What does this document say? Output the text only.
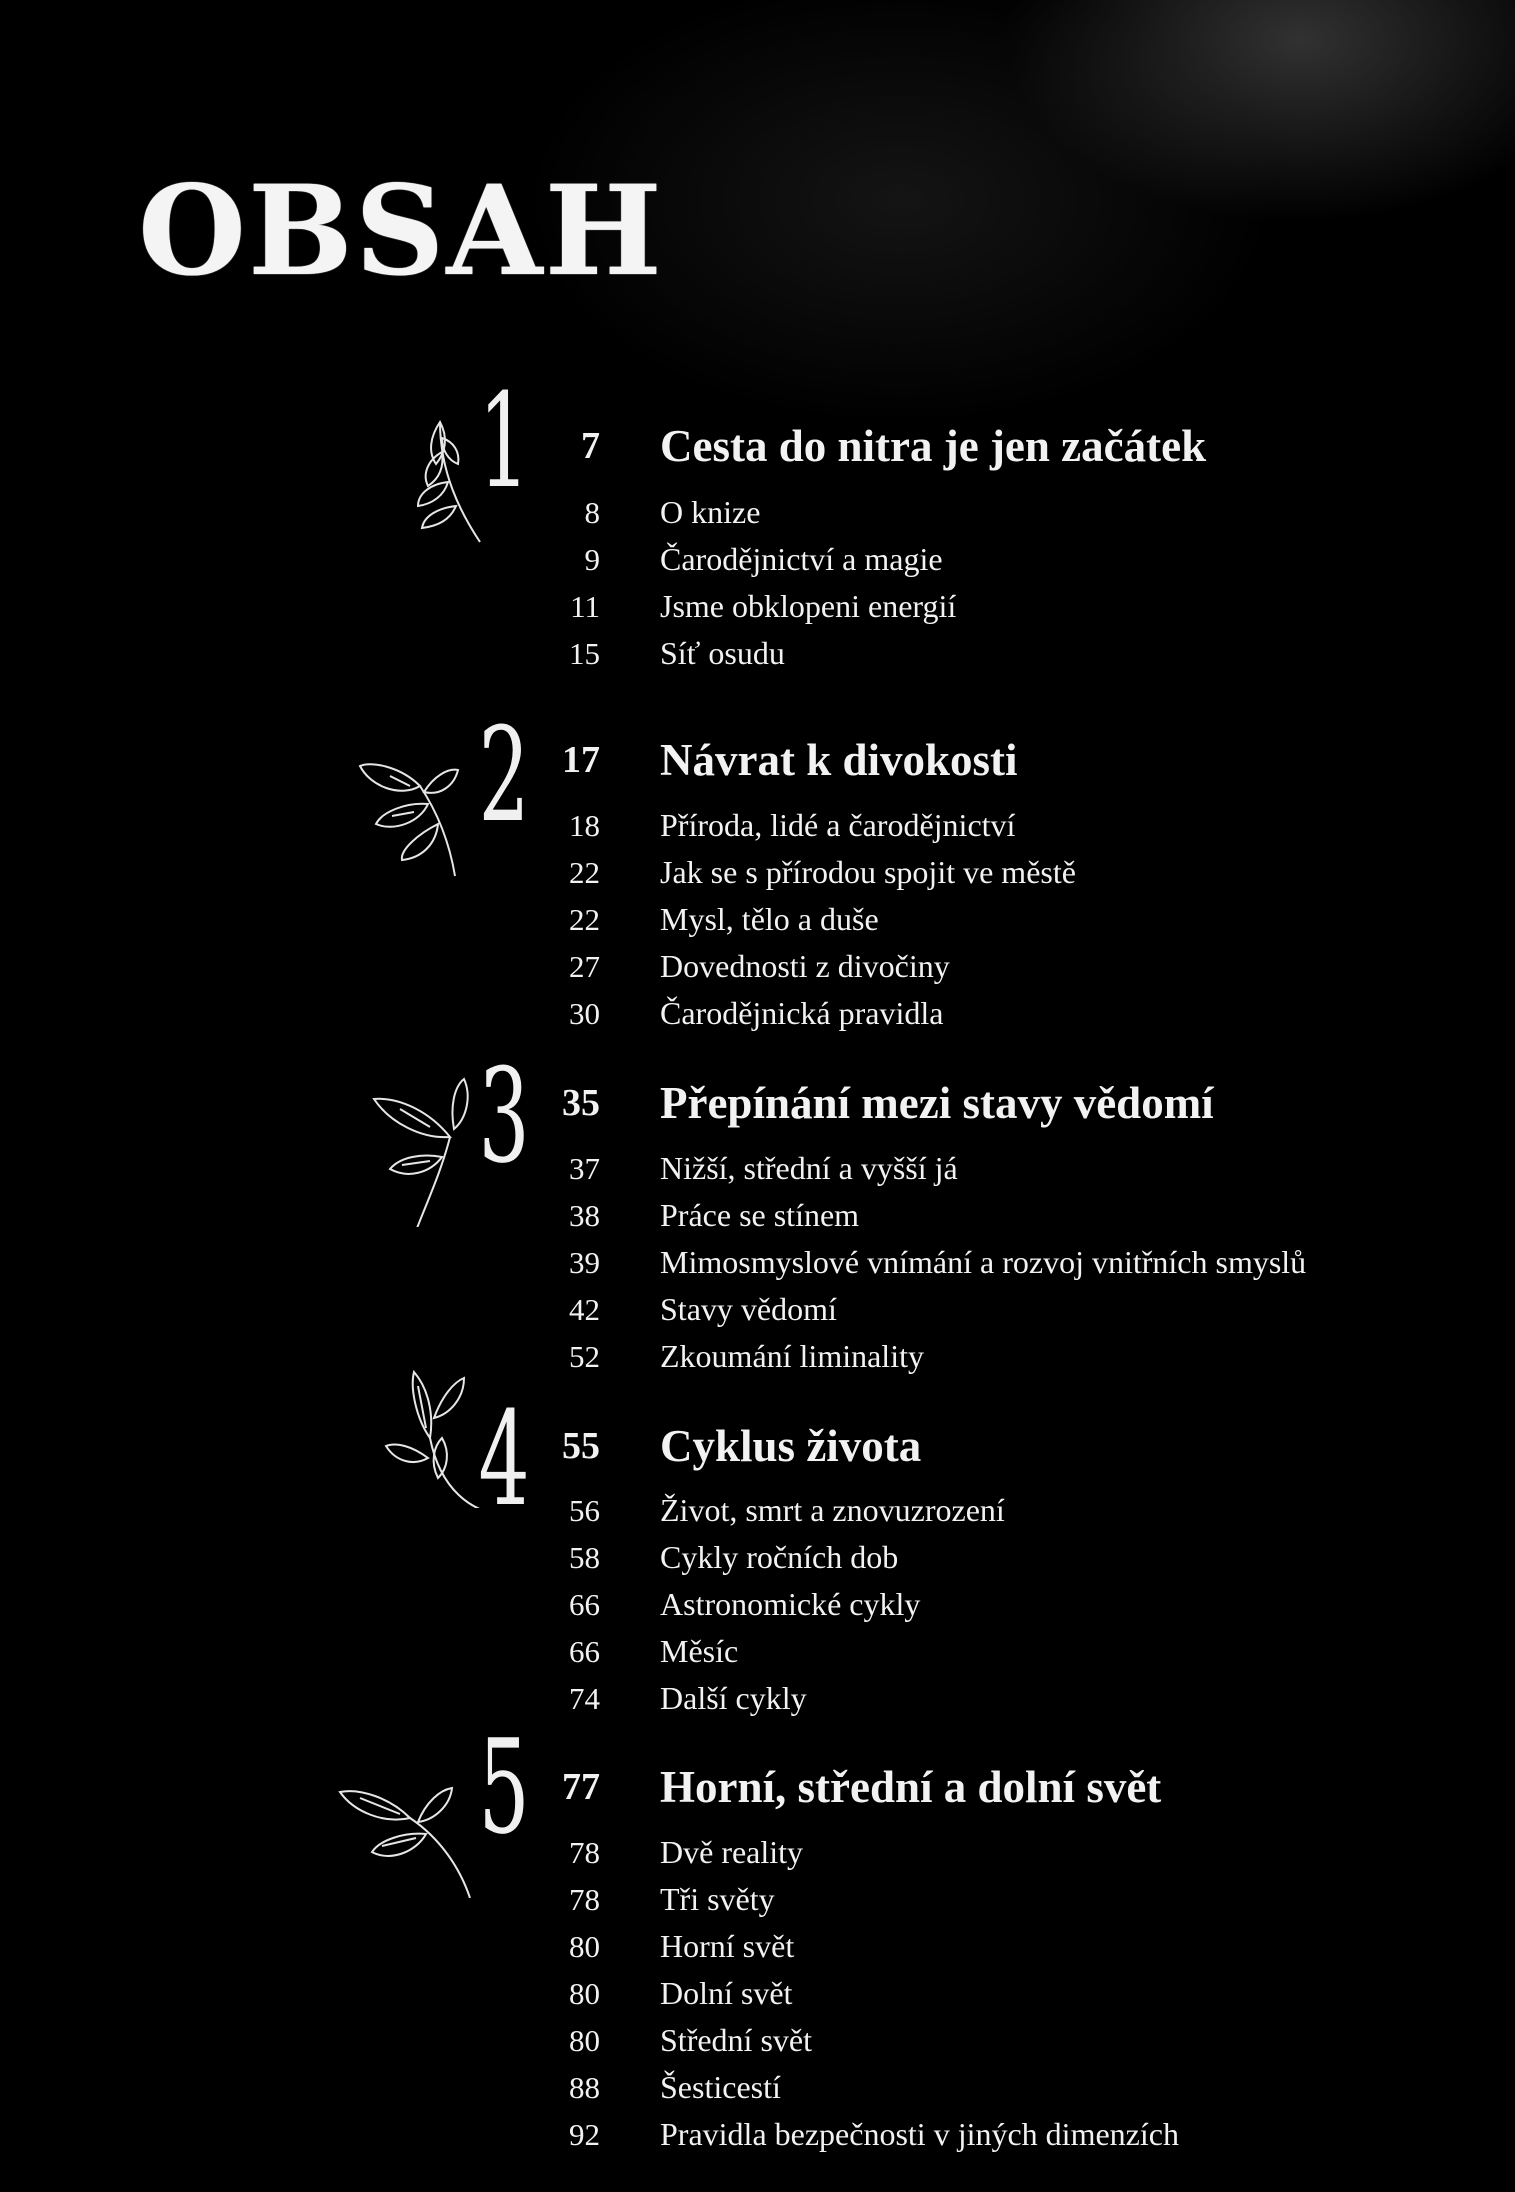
OBSAH
1	7 Cesta do nitra je jen začátek
8 O knize
9 Čarodějnictví a magie
11 Jsme obklopeni energií
15 Síť osudu
2 17 Návrat k divokosti
18 Příroda, lidé a čarodějnictví
22 Jak se s přírodou spojit ve městě
22 Mysl, tělo a duše
27 Dovednosti z divočiny
30 Čarodějnická pravidla
3 35 Přepínání mezi stavy vědomí
37 Nižší, střední a vyšší já
38 Práce se stínem
39 Mimosmyslové vnímání a rozvoj vnitřních smyslů
42 Stavy vědomí
52 Zkoumání liminality
4 55 Cyklus života
56 Život, smrt a znovuzrození
58 Cykly ročních dob
66 Astronomické cykly
66 Měsíc
74 Další cykly
5 77 Horní, střední a dolní svět
78 Dvě reality
78 Tři světy
80 Horní svět
80 Dolní svět
80 Střední svět
88 Šesticestí
92 Pravidla bezpečnosti v jiných dimenzích
